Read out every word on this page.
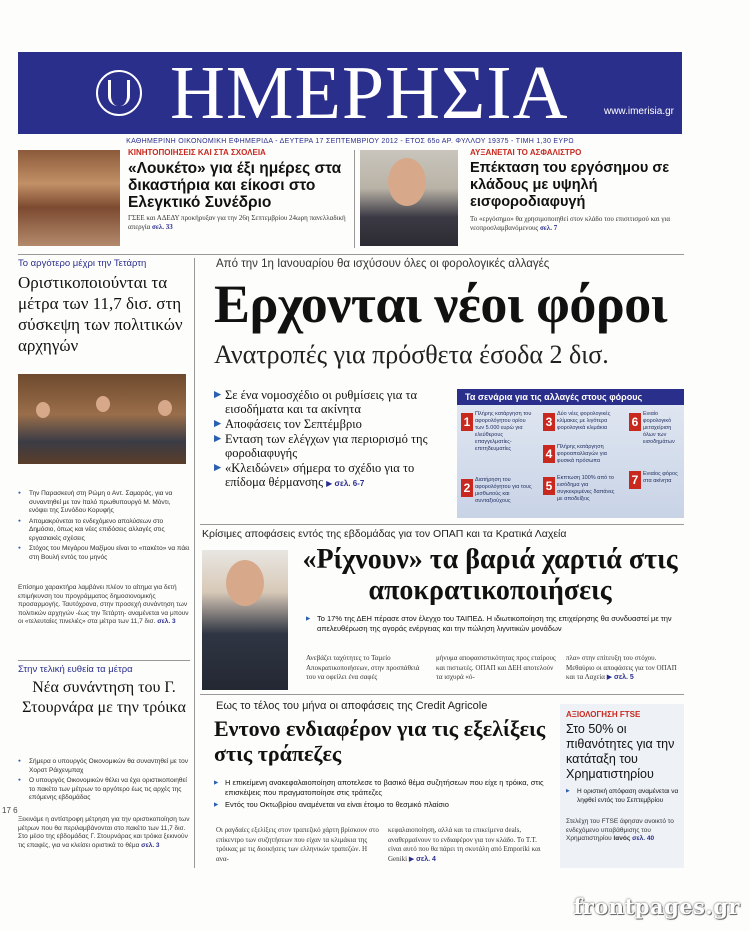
ΗΜΕΡΗΣΙΑ	www.imerisia.gr
ΚΑΘΗΜΕΡΙΝΗ ΟΙΚΟΝΟΜΙΚΗ ΕΦΗΜΕΡΙΔΑ - ΔΕΥΤΕΡΑ 17 ΣΕΠΤΕΜΒΡΙΟΥ 2012 - ΕΤΟΣ 65ο ΑΡ. ΦΥΛΛΟΥ 19375 - ΤΙΜΗ 1,30 ΕΥΡΩ
ΚΙΝΗΤΟΠΟΙΗΣΕΙΣ ΚΑΙ ΣΤΑ ΣΧΟΛΕΙΑ
«Λουκέτο» για έξι ημέρες στα δικαστήρια και είκοσι στο Ελεγκτικό Συνέδριο
ΓΣΕΕ και ΑΔΕΔΥ προκήρυξαν για την 26η Σεπτεμβρίου 24ωρη πανελλαδική απεργία σελ. 33
ΑΥΞΑΝΕΤΑΙ ΤΟ ΑΣΦΑΛΙΣΤΡΟ
Επέκταση του εργόσημου σε κλάδους με υψηλή εισφοροδιαφυγή
Το «εργόσημο» θα χρησιμοποιηθεί στον κλάδο του επισιτισμού και για νεοπροσλαμβανόμενους σελ. 7
Το αργότερο μέχρι την Τετάρτη
Οριστικοποιούνται τα μέτρα των 11,7 δισ. στη σύσκεψη των πολιτικών αρχηγών
● Την Παρασκευή στη Ρώμη ο Αντ. Σαμαράς, για να συναντηθεί με τον Ιταλό πρωθυπουργό Μ. Μόντι, ενόψει της Συνόδου Κορυφής
● Απομακρύνεται το ενδεχόμενο απολύσεων στο Δημόσιο, όπως και νέες επιδόσεις αλλαγές στις εργασιακές σχέσεις
● Στόχος του Μεγάρου Μαξίμου είναι το «πακέτο» να πάει στη Βουλή εντός του μηνός
Επίσημο χαρακτήρα λαμβάνει πλέον το αίτημα για δετή επιμήκυνση του προγράμματος δημοσιονομικής προσαρμογής. Ταυτόχρονα, στην προσεχή συνάντηση των πολιτικών αρχηγών -έως την Τετάρτη- αναμένεται να μπουν οι «τελευταίες πινελιές» στα μέτρα των 11,7 δισ. σελ. 3
Από την 1η Ιανουαρίου θα ισχύσουν όλες οι φορολογικές αλλαγές
Ερχονται νέοι φόροι
Ανατροπές για πρόσθετα έσοδα 2 δισ.
▶ Σε ένα νομοσχέδιο οι ρυθμίσεις για τα εισοδήματα και τα ακίνητα
▶ Αποφάσεις τον Σεπτέμβριο
▶ Ενταση των ελέγχων για περιορισμό της φοροδιαφυγής
▶ «Κλειδώνει» σήμερα το σχέδιο για το επίδομα θέρμανσης ▶ σελ. 6-7
Τα σενάρια για τις αλλαγές στους φόρους
1
Πλήρης κατάργηση του αφορολόγητου ορίου των 5.000 ευρώ για ελεύθερους επαγγελματίες-επιτηδευματίες
2
Διατήρηση του αφορολόγητου για τους μισθωτούς και συνταξιούχους
3
Δύο νέες φορολογικές κλίμακες με λιγότερα φορολογικά κλιμάκια
4 Πλήρης κατάργηση φοροαπαλλαγών για φυσικά πρόσωπα
5
Εκπτωση 100% από το εισόδημα για συγκεκριμένες δαπάνες με αποδείξεις
6
Ενιαίο φορολογικό μεταχείριση όλων των εισοδημάτων
7 Ενιαίος φόρος στα ακίνητα
Κρίσιμες αποφάσεις εντός της εβδομάδας για τον ΟΠΑΠ και τα Κρατικά Λαχεία
«Ρίχνουν» τα βαριά χαρτιά στις αποκρατικοποιήσεις
▶ Το 17% της ΔΕΗ πέρασε στον έλεγχο του ΤΑΙΠΕΔ. Η ιδιωτικοποίηση της επιχείρησης θα συνδυαστεί με την απελευθέρωση της αγοράς ενέργειας και την πώληση λιγνιτικών μονάδων
Ανεβάζει ταχύτητες το Ταμείο Αποκρατικοποιήσεων, στην προσπάθειά του να οφείλει ένα σαφές
μήνυμα αποφασιστικότητας προς εταίρους και πιστωτές. ΟΠΑΠ και ΔΕΗ αποτελούν τα ισχυρά «ό-
πλα» στην επίτευξη του στόχου. Μεθαύριο οι αποφάσεις για τον ΟΠΑΠ και τα Λαχεία ▶ σελ. 5
Εως το τέλος του μήνα οι αποφάσεις της Credit Agricole
Εντονο ενδιαφέρον για τις εξελίξεις στις τράπεζες
▶ Η επικείμενη ανακεφαλαιοποίηση αποτελεσε το βασικό θέμα συζητήσεων που είχε η τρόικα, στις επισκέψεις που πραγματοποίησε στις τράπεζες
▶ Εντός του Οκτωβρίου αναμένεται να είναι έτοιμο το θεσμικό πλαίσιο
Οι ραγδαίες εξελίξεις στον τραπεζικό χάρτη βρίσκουν στο επίκεντρο των συζητήσεων που είχαν τα κλιμάκια της τρόικας με τις διοικήσεις των ελληνικών τραπεζών. Η ανα-
κεφαλαιοποίηση, αλλά και τα επικείμενα deals, αναθερμαίνουν το ενδιαφέρον για τον κλάδο. Το Τ.Τ. είναι αυτό που θα πάρει τη σκυτάλη από Emporiki και Geniki ▶ σελ. 4
ΑΞΙΟΛΟΓΗΣΗ FTSE
Στο 50% οι πιθανότητες για την κατάταξη του Χρηματιστηρίου
▶ Η οριστική απόφαση αναμένεται να ληφθεί εντός του Σεπτεμβρίου
Στελέχη του FTSE άφησαν ανοικτό το ενδεχόμενο υποβάθμισης του Χρηματιστηρίου Ιανός σελ. 40
Στην τελική ευθεία τα μέτρα
Νέα συνάντηση του Γ. Στουρνάρα με την τρόικα
● Σήμερα ο υπουργός Οικονομικών θα συναντηθεί με τον Χορστ Ράιχενμπαχ
● Ο υπουργός Οικονομικών θέλει να έχει οριστικοποιηθεί το πακέτο των μέτρων το αργότερο έως τις αρχές της επόμενης εβδομάδας
Ξεκινάμε η αντίστροφη μέτρηση για την οριστικοποίηση των μέτρων που θα περιλαμβάνονται στο πακέτο των 11,7 δισ. Στο μέσο της εβδομάδας Γ. Στουρνάρας και τρόικα ξεκινούν τις επαφές, για να κλείσει οριστικά το θέμα σελ. 3
17 6
frontpages.gr
